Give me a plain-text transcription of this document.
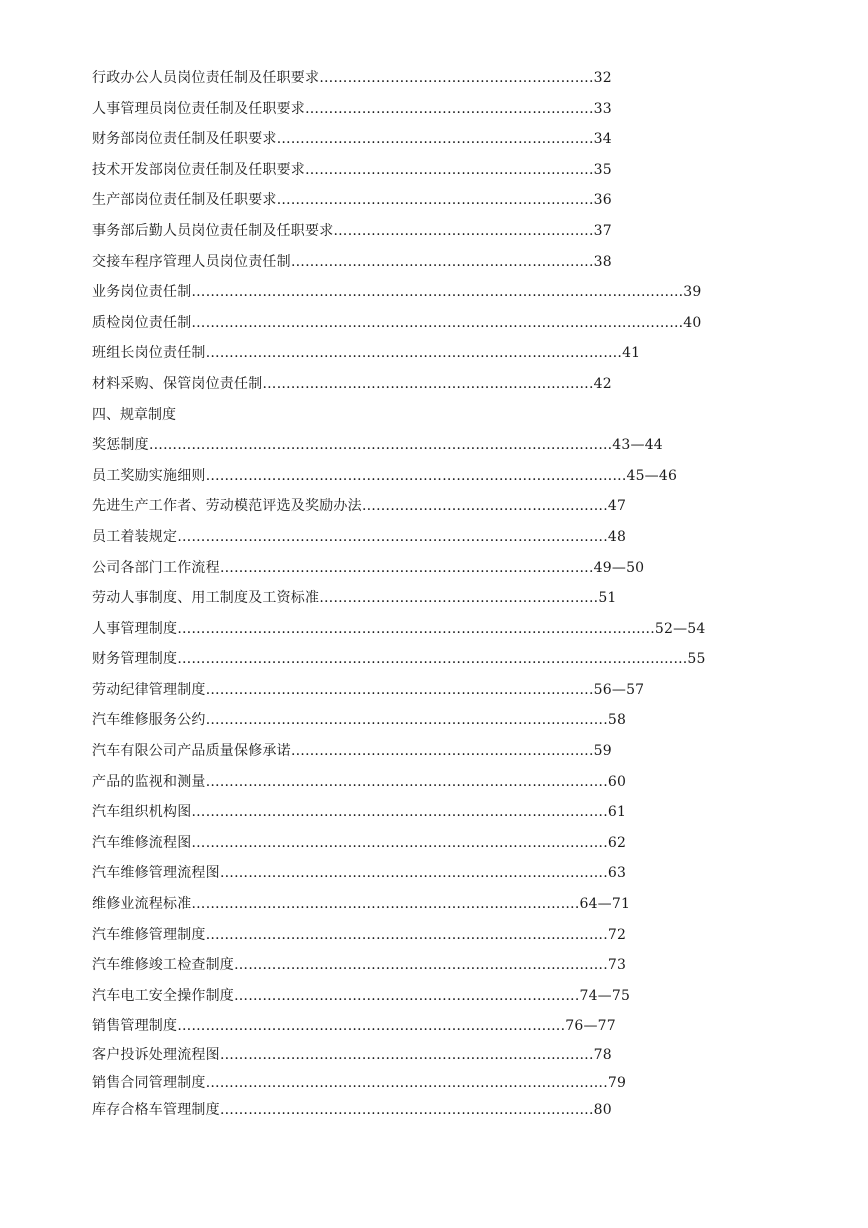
行政办公人员岗位责任制及任职要求………………………………………………….32
人事管理员岗位责任制及任职要求…………………………………………………….33
财务部岗位责任制及任职要求………………………………………………………….34
技术开发部岗位责任制及任职要求…………………………………………………….35
生产部岗位责任制及任职要求………………………………………………………….36
事务部后勤人员岗位责任制及任职要求……………………………………………….37
交接车程序管理人员岗位责任制……………………………………………………….38
业务岗位责任制………………………………………………………………..………………………...39
质检岗位责任制………………………………………………………………..………………………...40
班组长岗位责任制…………………………………………………………………………….41
材料采购、保管岗位责任制…………………………………………………………….42
四、规章制度
奖惩制度…………………………………………………………………..………………...43—44
员工奖励实施细则……………………………………..……………………………………...45—46
先进生产工作者、劳动模范评选及奖励办法…………………………………………….47
员工着装规定……………………………………………………………………………….48
公司各部门工作流程…………………………………………………………………….49—50
劳动人事制度、用工制度及工资标准…………………………………………………..51
人事管理制度………………………………………………………………..……………………...52—54
财务管理制度………………………………………………………………..……………………..........55
劳动纪律管理制度……………………………………………………………………….56—57
汽车维修服务公约………………………………………………………………………….58
汽车有限公司产品质量保修承诺……………………………………………………….59
产品的监视和测量………………………………………………………………………….60
汽车组织机构图…………………………………………………………………………….61
汽车维修流程图…………………………………………………………………………….62
汽车维修管理流程图……………………………………………………………………….63
维修业流程标准……………………………………………………………………….64—71
汽车维修管理制度………………………………………………………………………….72
汽车维修竣工检查制度…………………………………………………………………….73
汽车电工安全操作制度……………………………………………………………….74—75
销售管理制度……………………………………………………………………….76—77
客户投诉处理流程图…………………………………………………………………….78
销售合同管理制度………………………………………………………………………….79
库存合格车管理制度…………………………………………………………………….80
